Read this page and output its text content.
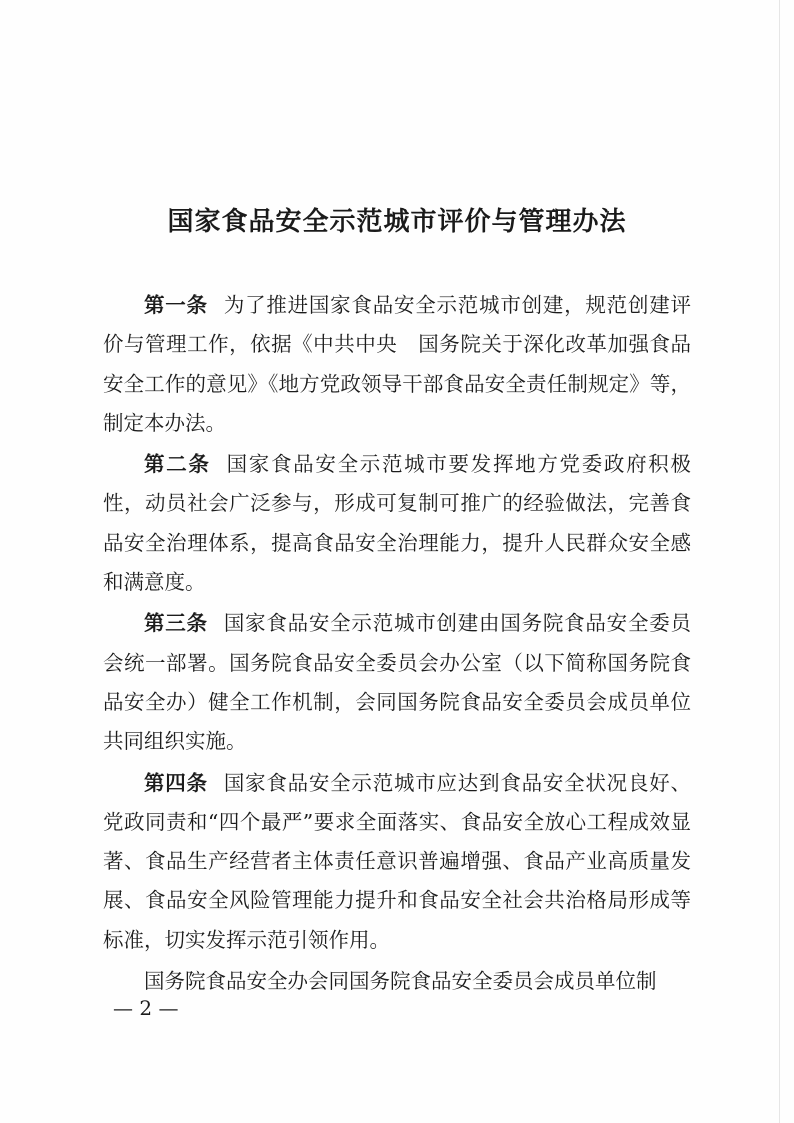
国家食品安全示范城市评价与管理办法

第一条 为了推进国家食品安全示范城市创建，规范创建评价与管理工作，依据《中共中央　国务院关于深化改革加强食品安全工作的意见》《地方党政领导干部食品安全责任制规定》等，制定本办法。

第二条 国家食品安全示范城市要发挥地方党委政府积极性，动员社会广泛参与，形成可复制可推广的经验做法，完善食品安全治理体系，提高食品安全治理能力，提升人民群众安全感和满意度。

第三条 国家食品安全示范城市创建由国务院食品安全委员会统一部署。国务院食品安全委员会办公室（以下简称国务院食品安全办）健全工作机制，会同国务院食品安全委员会成员单位共同组织实施。

第四条 国家食品安全示范城市应达到食品安全状况良好、党政同责和“四个最严”要求全面落实、食品安全放心工程成效显著、食品生产经营者主体责任意识普遍增强、食品产业高质量发展、食品安全风险管理能力提升和食品安全社会共治格局形成等标准，切实发挥示范引领作用。

国务院食品安全办会同国务院食品安全委员会成员单位制

— 2 —
